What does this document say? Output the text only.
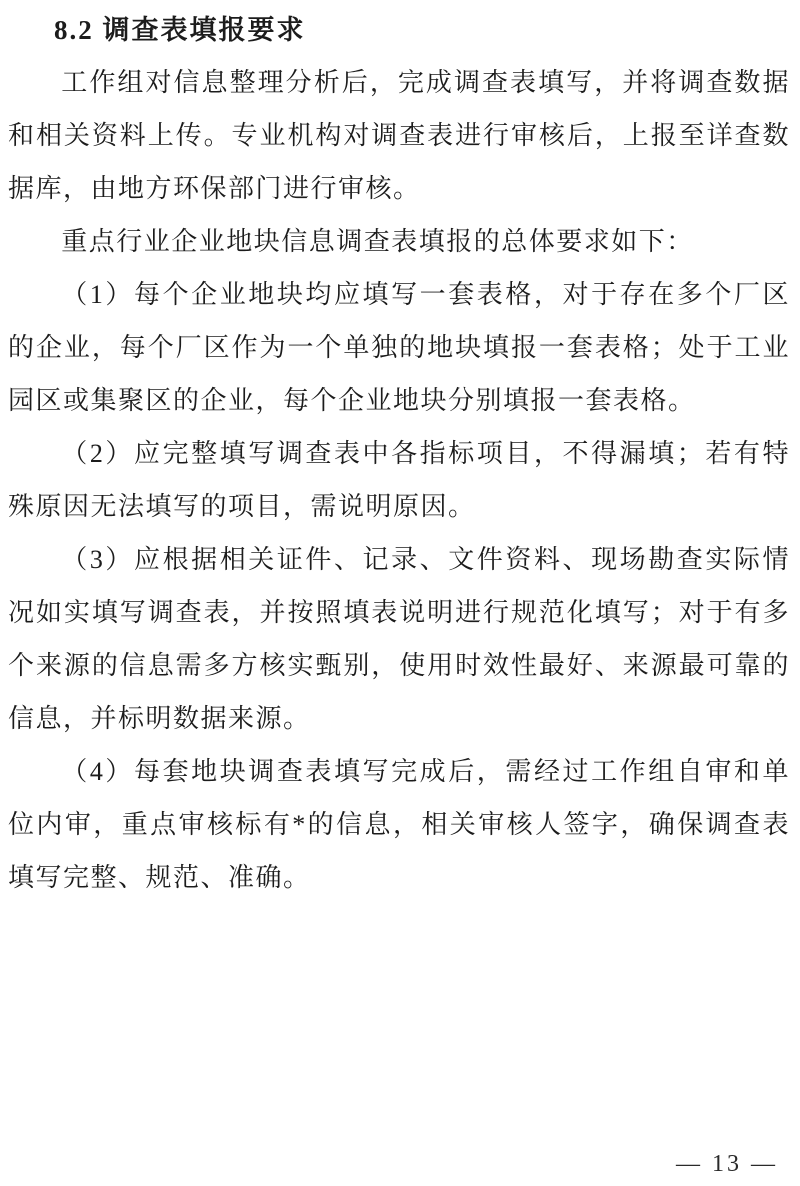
8.2 调查表填报要求

工作组对信息整理分析后，完成调查表填写，并将调查数据和相关资料上传。专业机构对调查表进行审核后，上报至详查数据库，由地方环保部门进行审核。

重点行业企业地块信息调查表填报的总体要求如下：

（1）每个企业地块均应填写一套表格，对于存在多个厂区的企业，每个厂区作为一个单独的地块填报一套表格；处于工业园区或集聚区的企业，每个企业地块分别填报一套表格。

（2）应完整填写调查表中各指标项目，不得漏填；若有特殊原因无法填写的项目，需说明原因。

（3）应根据相关证件、记录、文件资料、现场勘查实际情况如实填写调查表，并按照填表说明进行规范化填写；对于有多个来源的信息需多方核实甄别，使用时效性最好、来源最可靠的信息，并标明数据来源。

（4）每套地块调查表填写完成后，需经过工作组自审和单位内审，重点审核标有*的信息，相关审核人签字，确保调查表填写完整、规范、准确。

— 13 —
